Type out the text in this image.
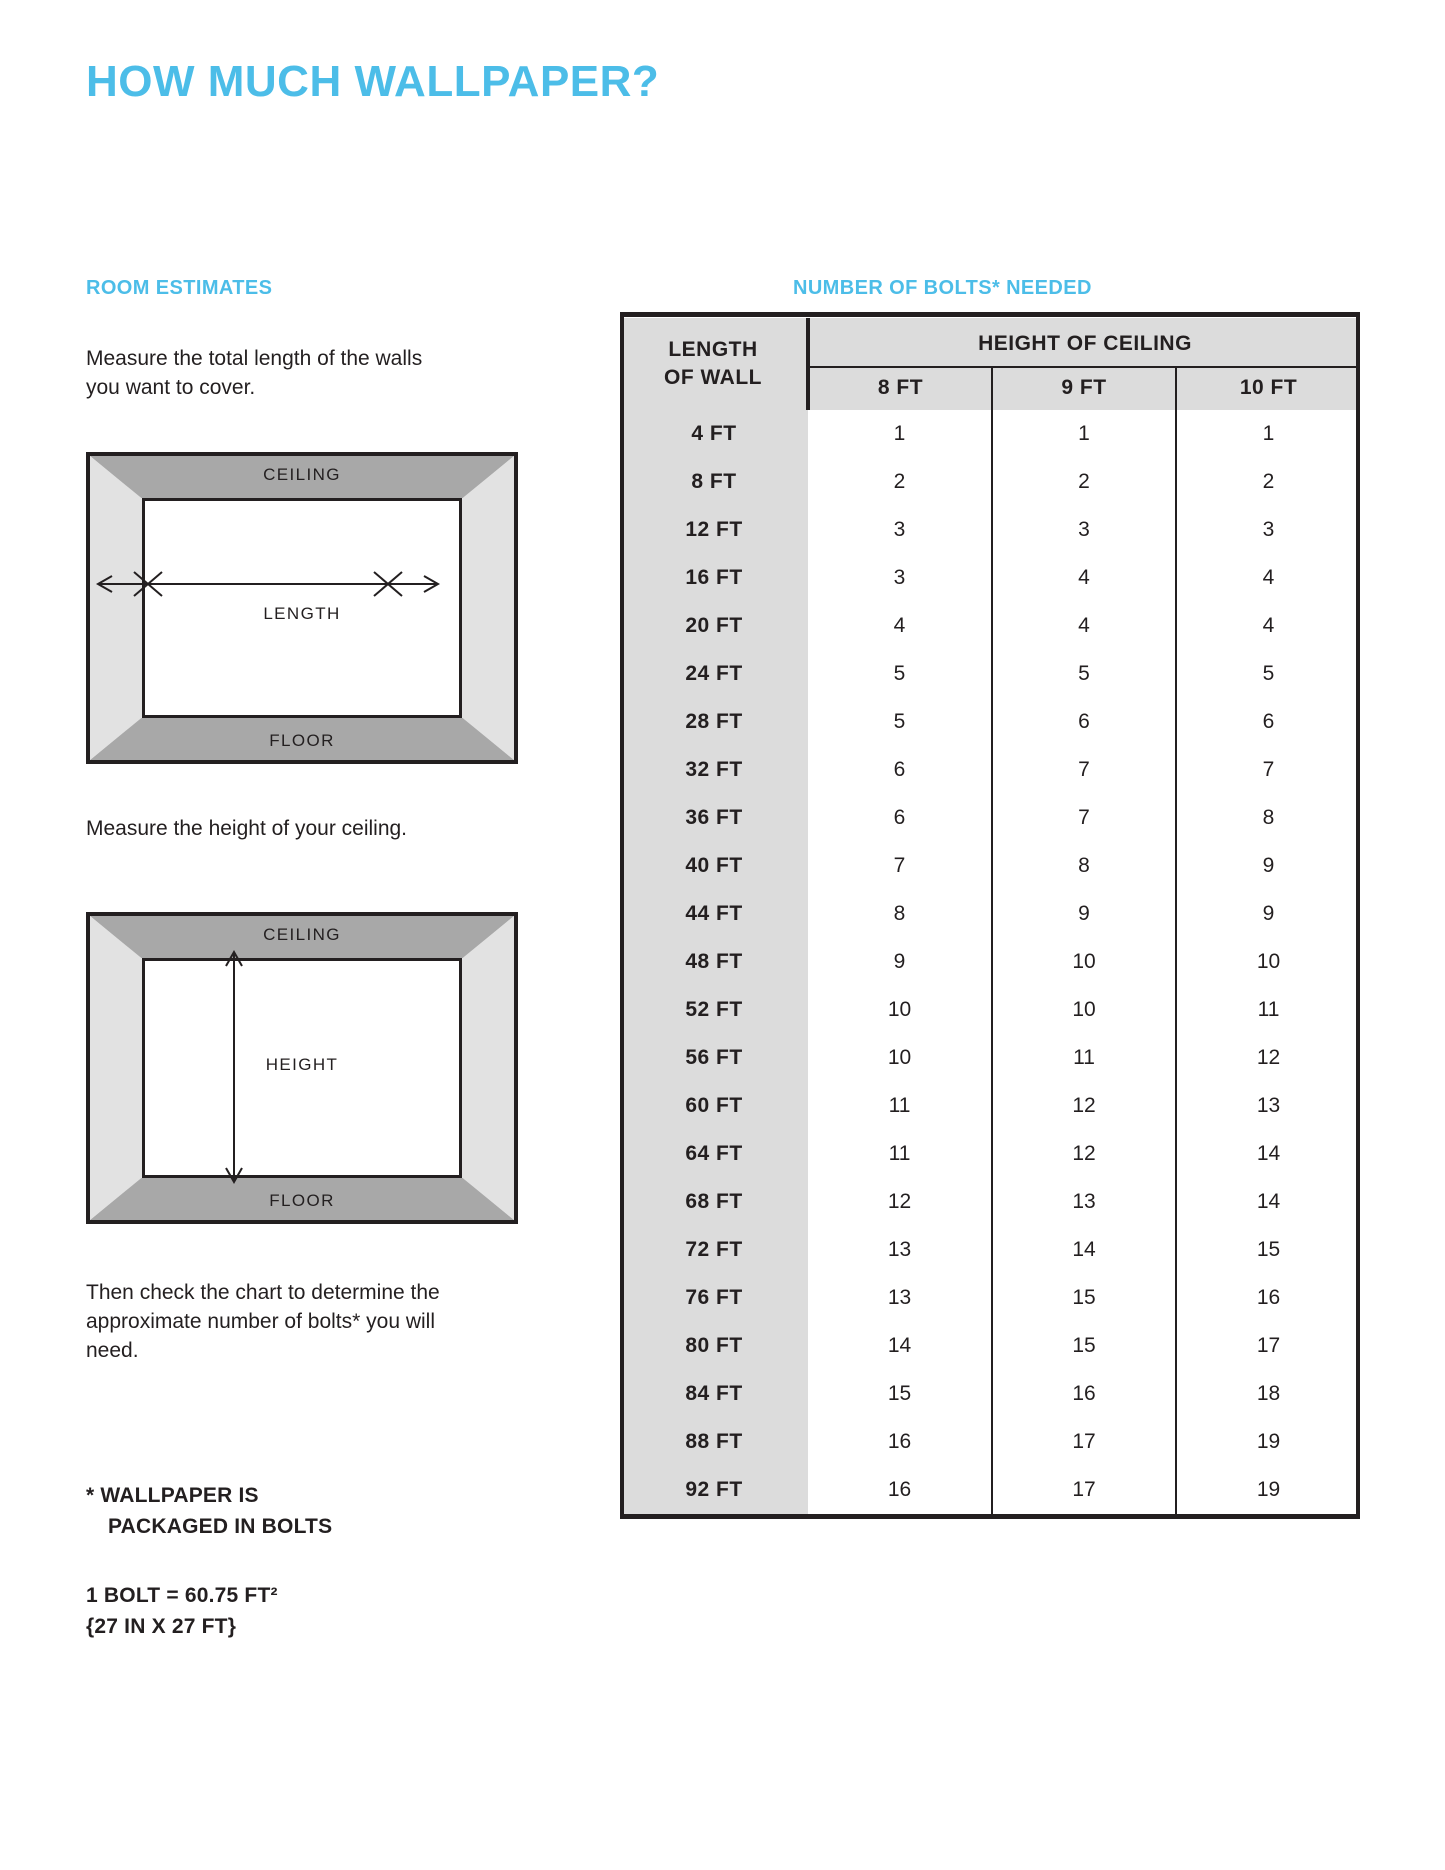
HOW MUCH WALLPAPER?
ROOM ESTIMATES	NUMBER OF BOLTS* NEEDED
Measure the total length of the walls you want to cover.
Measure the height of your ceiling.
Then check the chart to determine the approximate number of bolts* you will need.
* WALLPAPER IS
PACKAGED IN BOLTS
1 BOLT = 60.75 FT²
{27 IN X 27 FT}
CEILING
FLOOR
LENGTH
CEILING
FLOOR
HEIGHT
LENGTH
OF WALL	HEIGHT OF CEILING		
	8 FT	9 FT	10 FT
4 FT	1	1	1
8 FT	2	2	2
12 FT	3	3	3
16 FT	3	4	4
20 FT	4	4	4
24 FT	5	5	5
28 FT	5	6	6
32 FT	6	7	7
36 FT	6	7	8
40 FT	7	8	9
44 FT	8	9	9
48 FT	9	10	10
52 FT	10	10	11
56 FT	10	11	12
60 FT	11	12	13
64 FT	11	12	14
68 FT	12	13	14
72 FT	13	14	15
76 FT	13	15	16
80 FT	14	15	17
84 FT	15	16	18
88 FT	16	17	19
92 FT	16	17	19
